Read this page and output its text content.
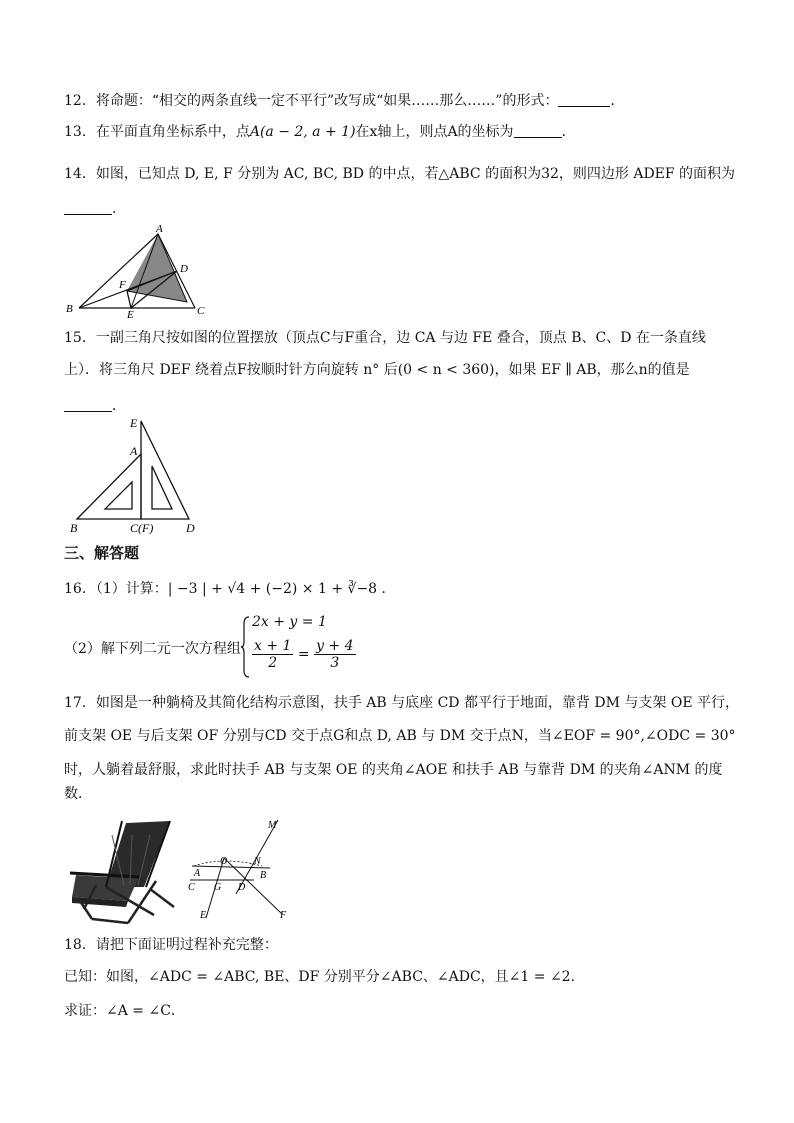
12．将命题：“相交的两条直线一定不平行”改写成“如果……那么……”的形式：	．
13．在平面直角坐标系中，点A(a − 2, a + 1)在x轴上，则点A的坐标为	．
14．如图，已知点 D, E, F 分别为 AC, BC, BD 的中点，若△ABC 的面积为32，则四边形 ADEF 的面积为
．
A
B	C
D
E
F
15．一副三角尺按如图的位置摆放（顶点C与F重合，边 CA 与边 FE 叠合，顶点 B、C、D 在一条直线
上）．将三角尺 DEF 绕着点F按顺时针方向旋转 n° 后(0 < n < 360)，如果 EF ∥ AB，那么n的值是
．
E
A
B	C(F)	D
三、解答题
16．（1）计算：| −3 | + √4 + (−2) × 1 + ∛−8 ．
（2）解下列二元一次方程组
2x + y = 1
$\frac{x + 1}{2} = \frac{y + 4}{3}$
17．如图是一种躺椅及其简化结构示意图，扶手 AB 与底座 CD 都平行于地面，靠背 DM 与支架 OE 平行，
前支架 OE 与后支架 OF 分别与CD 交于点G和点 D, AB 与 DM 交于点N，当∠EOF = 90°,∠ODC = 30°
时，人躺着最舒服，求此时扶手 AB 与支架 OE 的夹角∠AOE 和扶手 AB 与靠背 DM 的夹角∠ANM 的度
数．
M
O	N
A	B
C G D
E	F
18．请把下面证明过程补充完整：
已知：如图，∠ADC = ∠ABC, BE、DF 分别平分∠ABC、∠ADC，且∠1 = ∠2．
求证：∠A = ∠C．
